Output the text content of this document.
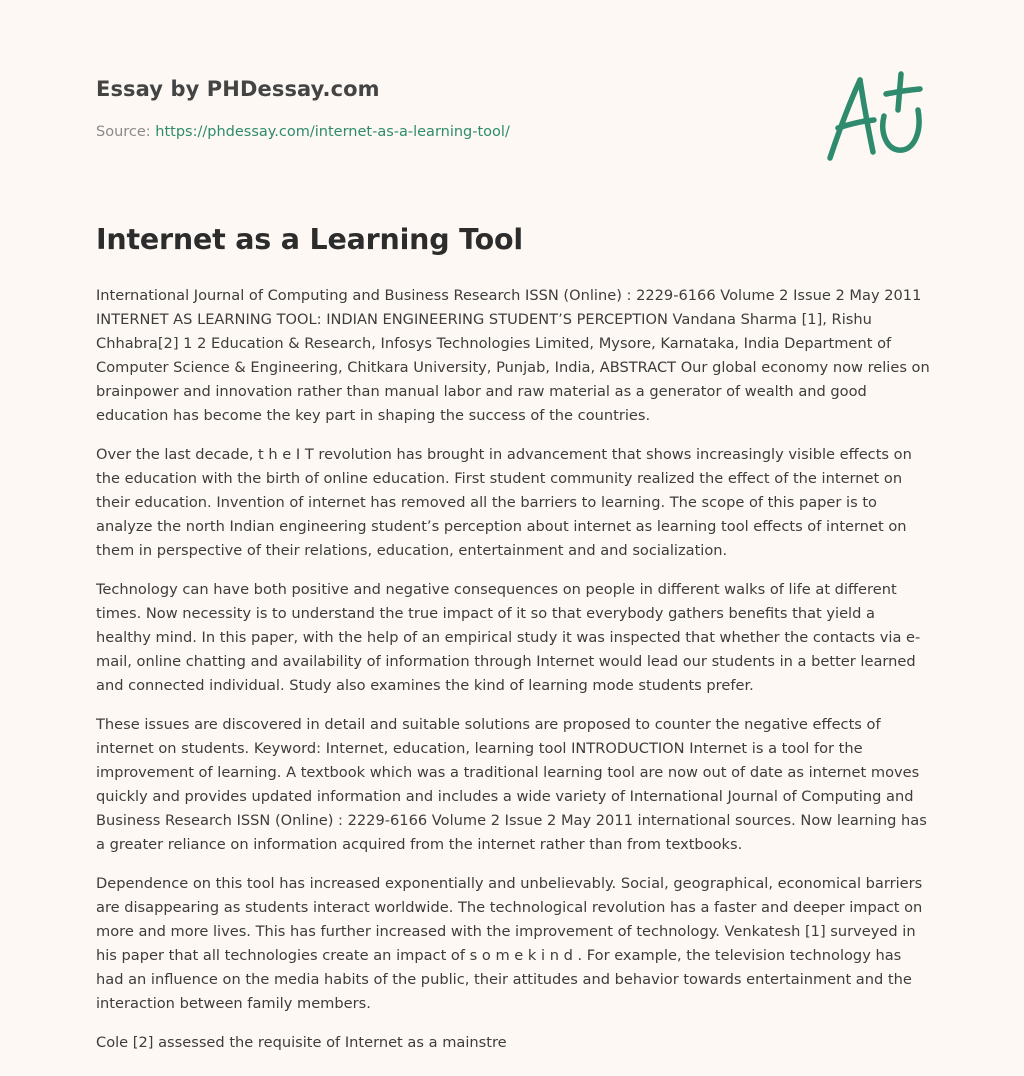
Essay by PHDessay.com
Source: https://phdessay.com/internet-as-a-learning-tool/
Internet as a Learning Tool

International Journal of Computing and Business Research ISSN (Online) : 2229-6166 Volume 2 Issue 2 May 2011 INTERNET AS LEARNING TOOL: INDIAN ENGINEERING STUDENT’S PERCEPTION Vandana Sharma [1], Rishu Chhabra[2] 1 2 Education & Research, Infosys Technologies Limited, Mysore, Karnataka, India Department of Computer Science & Engineering, Chitkara University, Punjab, India, ABSTRACT Our global economy now relies on brainpower and innovation rather than manual labor and raw material as a generator of wealth and good education has become the key part in shaping the success of the countries.

Over the last decade, t h e I T revolution has brought in advancement that shows increasingly visible effects on the education with the birth of online education. First student community realized the effect of the internet on their education. Invention of internet has removed all the barriers to learning. The scope of this paper is to analyze the north Indian engineering student’s perception about internet as learning tool effects of internet on them in perspective of their relations, education, entertainment and and socialization.

Technology can have both positive and negative consequences on people in different walks of life at different times. Now necessity is to understand the true impact of it so that everybody gathers benefits that yield a healthy mind. In this paper, with the help of an empirical study it was inspected that whether the contacts via e-mail, online chatting and availability of information through Internet would lead our students in a better learned and connected individual. Study also examines the kind of learning mode students prefer.

These issues are discovered in detail and suitable solutions are proposed to counter the negative effects of internet on students. Keyword: Internet, education, learning tool INTRODUCTION Internet is a tool for the improvement of learning. A textbook which was a traditional learning tool are now out of date as internet moves quickly and provides updated information and includes a wide variety of International Journal of Computing and Business Research ISSN (Online) : 2229-6166 Volume 2 Issue 2 May 2011 international sources. Now learning has a greater reliance on information acquired from the internet rather than from textbooks.

Dependence on this tool has increased exponentially and unbelievably. Social, geographical, economical barriers are disappearing as students interact worldwide. The technological revolution has a faster and deeper impact on more and more lives. This has further increased with the improvement of technology. Venkatesh [1] surveyed in his paper that all technologies create an impact of s o m e k i n d . For example, the television technology has had an influence on the media habits of the public, their attitudes and behavior towards entertainment and the interaction between family members.

Cole [2] assessed the requisite of Internet as a mainstre
